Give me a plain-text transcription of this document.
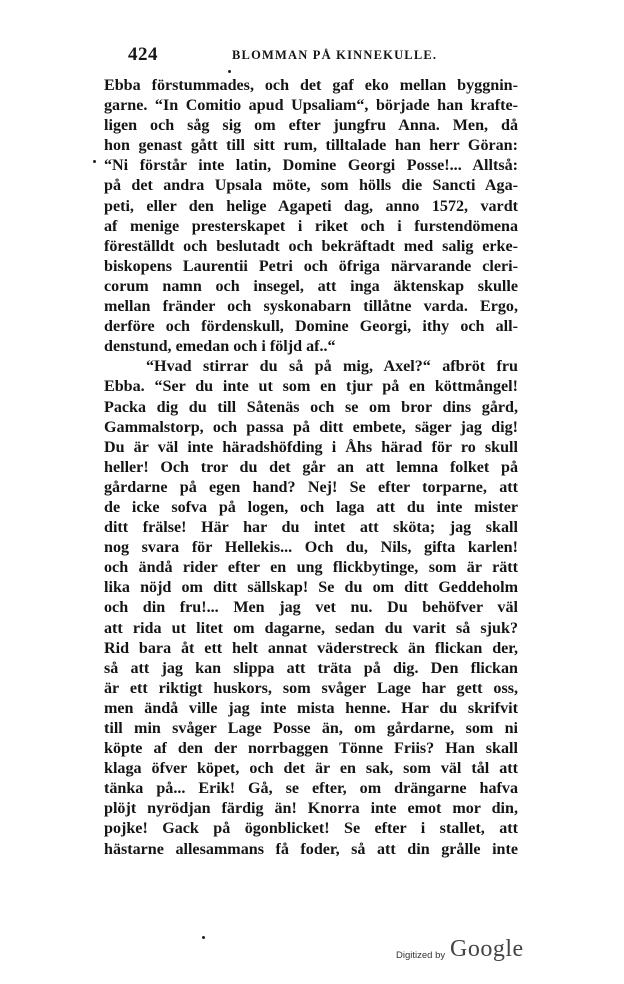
424	BLOMMAN PÅ KINNEKULLE.
Ebba förstummades, och det gaf eko mellan byggnin-
garne. “In Comitio apud Upsaliam“, började han krafte-
ligen och såg sig om efter jungfru Anna. Men, då
hon genast gått till sitt rum, tilltalade han herr Göran:
“Ni förstår inte latin, Domine Georgi Posse!... Alltså:
på det andra Upsala möte, som hölls die Sancti Aga-
peti, eller den helige Agapeti dag, anno 1572, vardt
af menige presterskapet i riket och i furstendömena
föreställdt och beslutadt och bekräftadt med salig erke-
biskopens Laurentii Petri och öfriga närvarande cleri-
corum namn och insegel, att inga äktenskap skulle
mellan fränder och syskonabarn tillåtne varda. Ergo,
derföre och fördenskull, Domine Georgi, ithy och all-
denstund, emedan och i följd af..“
“Hvad stirrar du så på mig, Axel?“ afbröt fru
Ebba. “Ser du inte ut som en tjur på en köttmångel!
Packa dig du till Såtenäs och se om bror dins gård,
Gammalstorp, och passa på ditt embete, säger jag dig!
Du är väl inte häradshöfding i Åhs härad för ro skull
heller! Och tror du det går an att lemna folket på
gårdarne på egen hand? Nej! Se efter torparne, att
de icke sofva på logen, och laga att du inte mister
ditt frälse! Här har du intet att sköta; jag skall
nog svara för Hellekis... Och du, Nils, gifta karlen!
och ändå rider efter en ung flickbytinge, som är rätt
lika nöjd om ditt sällskap! Se du om ditt Geddeholm
och din fru!... Men jag vet nu. Du behöfver väl
att rida ut litet om dagarne, sedan du varit så sjuk?
Rid bara åt ett helt annat väderstreck än flickan der,
så att jag kan slippa att träta på dig. Den flickan
är ett riktigt huskors, som svåger Lage har gett oss,
men ändå ville jag inte mista henne. Har du skrifvit
till min svåger Lage Posse än, om gårdarne, som ni
köpte af den der norrbaggen Tönne Friis? Han skall
klaga öfver köpet, och det är en sak, som väl tål att
tänka på... Erik! Gå, se efter, om drängarne hafva
plöjt nyrödjan färdig än! Knorra inte emot mor din,
pojke! Gack på ögonblicket! Se efter i stallet, att
hästarne allesammans få foder, så att din grålle inte
Digitized by Google
